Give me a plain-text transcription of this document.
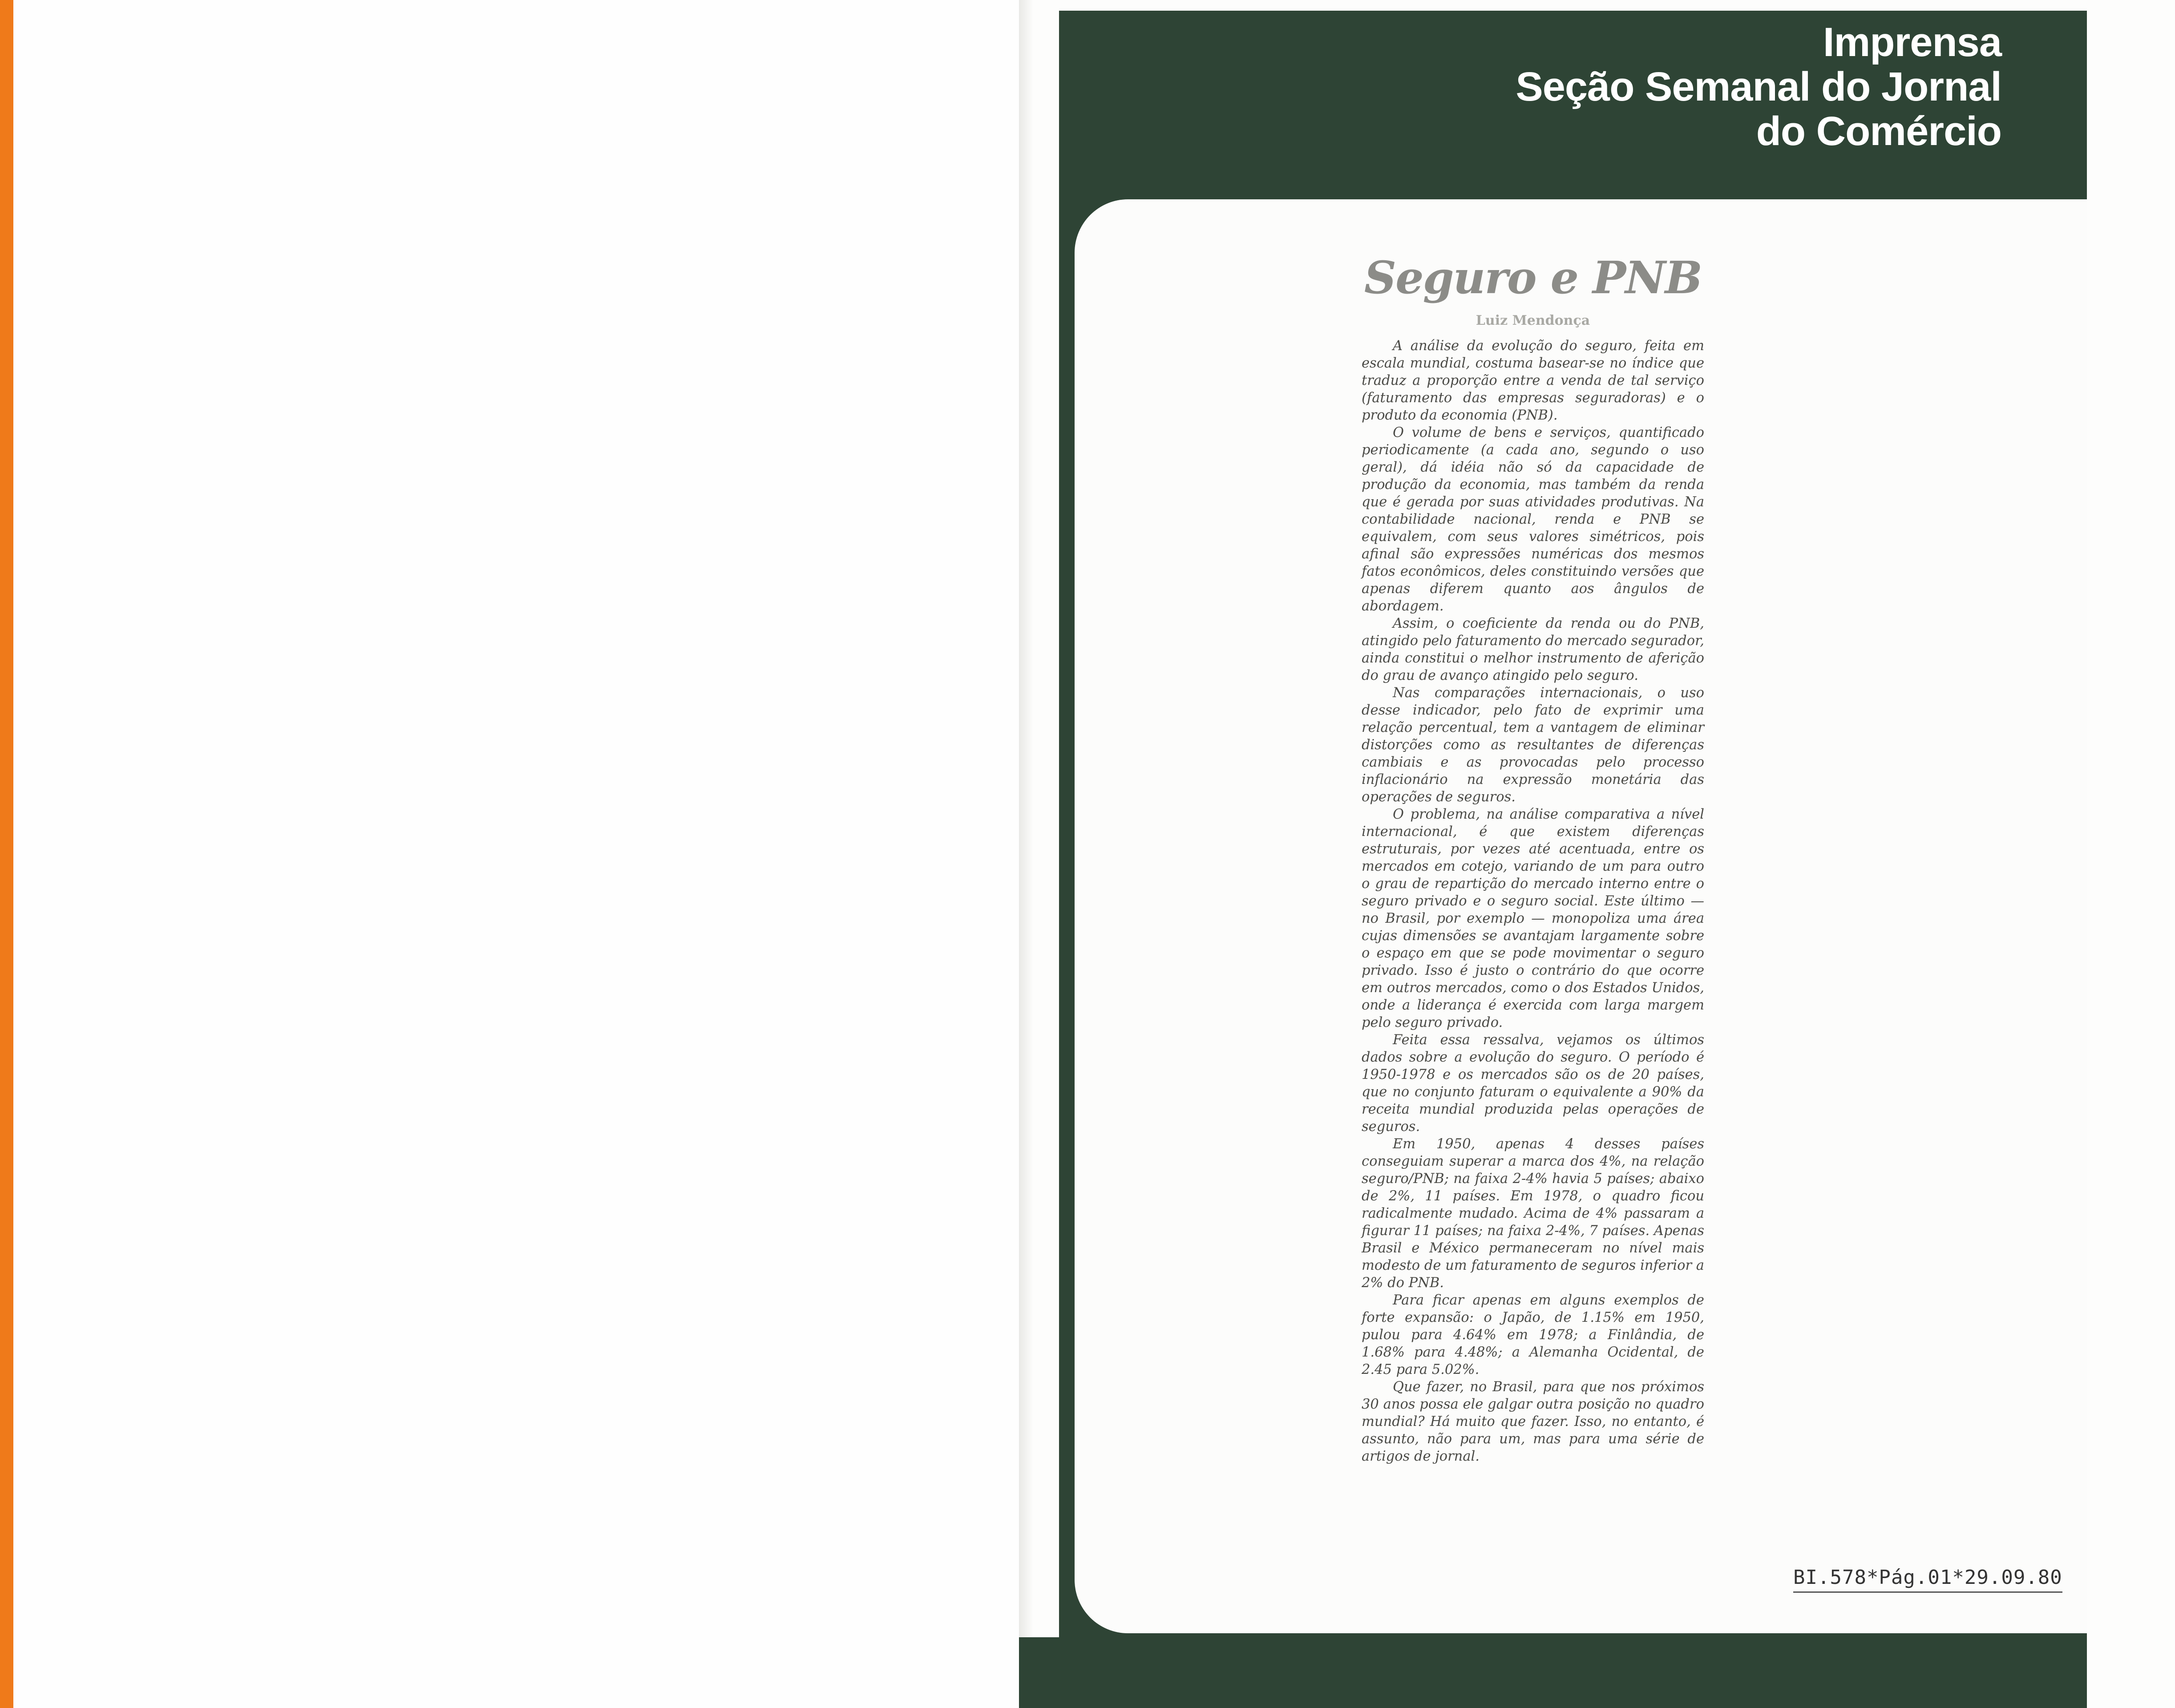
Imprensa
Seção Semanal do Jornal
do Comércio
Seguro e PNB
Luiz Mendonça

A análise da evolução do seguro, feita em escala mundial, costuma basear-se no índice que traduz a proporção entre a venda de tal serviço (faturamento das empresas seguradoras) e o produto da economia (PNB).

O volume de bens e serviços, quantificado periodicamente (a cada ano, segundo o uso geral), dá idéia não só da capacidade de produção da economia, mas também da renda que é gerada por suas atividades produtivas. Na contabilidade nacional, renda e PNB se equivalem, com seus valores simétricos, pois afinal são expressões numéricas dos mesmos fatos econômicos, deles constituindo versões que apenas diferem quanto aos ângulos de abordagem.

Assim, o coeficiente da renda ou do PNB, atingido pelo faturamento do mercado segurador, ainda constitui o melhor instrumento de aferição do grau de avanço atingido pelo seguro.

Nas comparações internacionais, o uso desse indicador, pelo fato de exprimir uma relação percentual, tem a vantagem de eliminar distorções como as resultantes de diferenças cambiais e as provocadas pelo processo inflacionário na expressão monetária das operações de seguros.

O problema, na análise comparativa a nível internacional, é que existem diferenças estruturais, por vezes até acentuada, entre os mercados em cotejo, variando de um para outro o grau de repartição do mercado interno entre o seguro privado e o seguro social. Este último — no Brasil, por exemplo — monopoliza uma área cujas dimensões se avantajam largamente sobre o espaço em que se pode movimentar o seguro privado. Isso é justo o contrário do que ocorre em outros mercados, como o dos Estados Unidos, onde a liderança é exercida com larga margem pelo seguro privado.

Feita essa ressalva, vejamos os últimos dados sobre a evolução do seguro. O período é 1950-1978 e os mercados são os de 20 países, que no conjunto faturam o equivalente a 90% da receita mundial produzida pelas operações de seguros.

Em 1950, apenas 4 desses países conseguiam superar a marca dos 4%, na relação seguro/PNB; na faixa 2-4% havia 5 países; abaixo de 2%, 11 países. Em 1978, o quadro ficou radicalmente mudado. Acima de 4% passaram a figurar 11 países; na faixa 2-4%, 7 países. Apenas Brasil e México permaneceram no nível mais modesto de um faturamento de seguros inferior a 2% do PNB.

Para ficar apenas em alguns exemplos de forte expansão: o Japão, de 1.15% em 1950, pulou para 4.64% em 1978; a Finlândia, de 1.68% para 4.48%; a Alemanha Ocidental, de 2.45 para 5.02%.

Que fazer, no Brasil, para que nos próximos 30 anos possa ele galgar outra posição no quadro mundial? Há muito que fazer. Isso, no entanto, é assunto, não para um, mas para uma série de artigos de jornal.

BI.578*Pág.01*29.09.80
